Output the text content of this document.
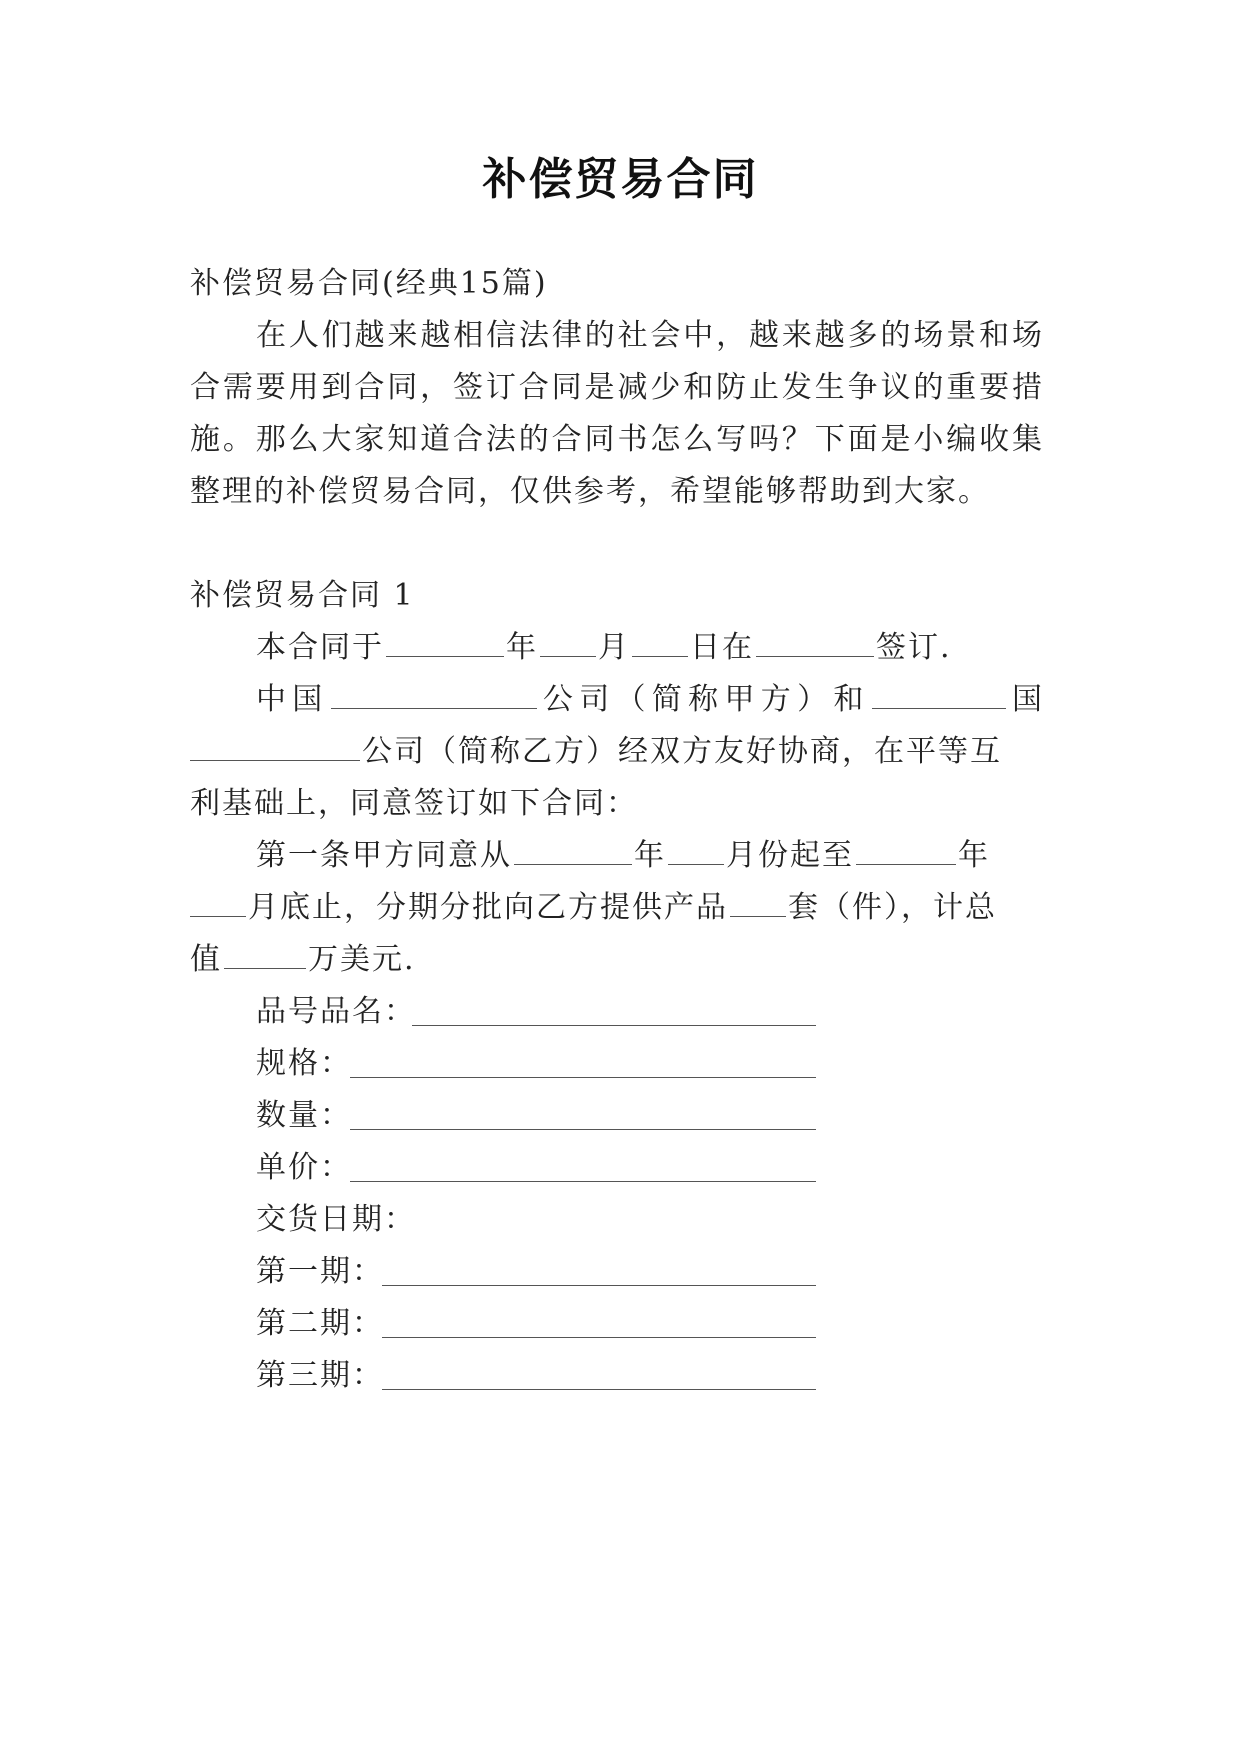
补偿贸易合同
补偿贸易合同(经典15篇)
在人们越来越相信法律的社会中，越来越多的场景和场
合需要用到合同，签订合同是减少和防止发生争议的重要措
施。那么大家知道合法的合同书怎么写吗？下面是小编收集
整理的补偿贸易合同，仅供参考，希望能够帮助到大家。
补偿贸易合同 1
本合同于	年 月 日在	签订.
中国	公司（简称甲方）和	国
公司（简称乙方）经双方友好协商，在平等互
利基础上，同意签订如下合同：
第一条甲方同意从	年 月份起至	年
月底止，分期分批向乙方提供产品 套（件），计总
值	万美元.
品号品名：
规格：
数量：
单价：
交货日期：
第一期：
第二期：
第三期：
